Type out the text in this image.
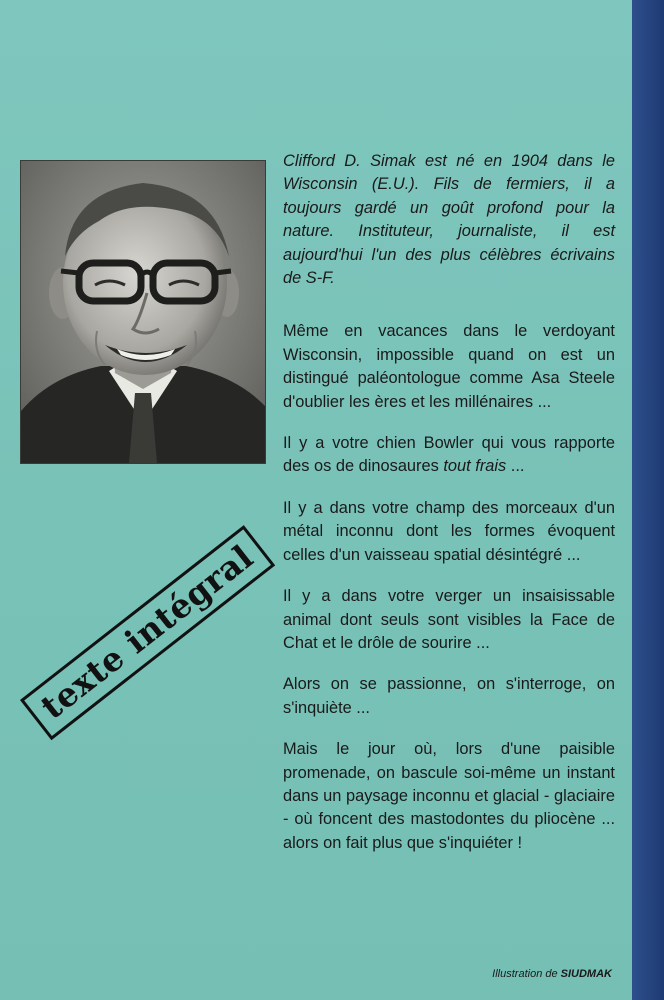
Clifford D. Simak est né en 1904 dans le Wisconsin (E.U.). Fils de fermiers, il a toujours gardé un goût profond pour la nature. Instituteur, journaliste, il est aujourd'hui l'un des plus célèbres écrivains de S-F.

Même en vacances dans le verdoyant Wisconsin, impossible quand on est un distingué paléontologue comme Asa Steele d'oublier les ères et les millénaires ...

Il y a votre chien Bowler qui vous rapporte des os de dinosaures tout frais ...

Il y a dans votre champ des morceaux d'un métal inconnu dont les formes évoquent celles d'un vaisseau spatial désintégré ...

Il y a dans votre verger un insaisissable animal dont seuls sont visibles la Face de Chat et le drôle de sourire ...

Alors on se passionne, on s'interroge, on s'inquiète ...

Mais le jour où, lors d'une paisible promenade, on bascule soi-même un instant dans un paysage inconnu et glacial - glaciaire - où foncent des mastodontes du pliocène ... alors on fait plus que s'inquiéter !

texte intégral
Illustration de SIUDMAK
